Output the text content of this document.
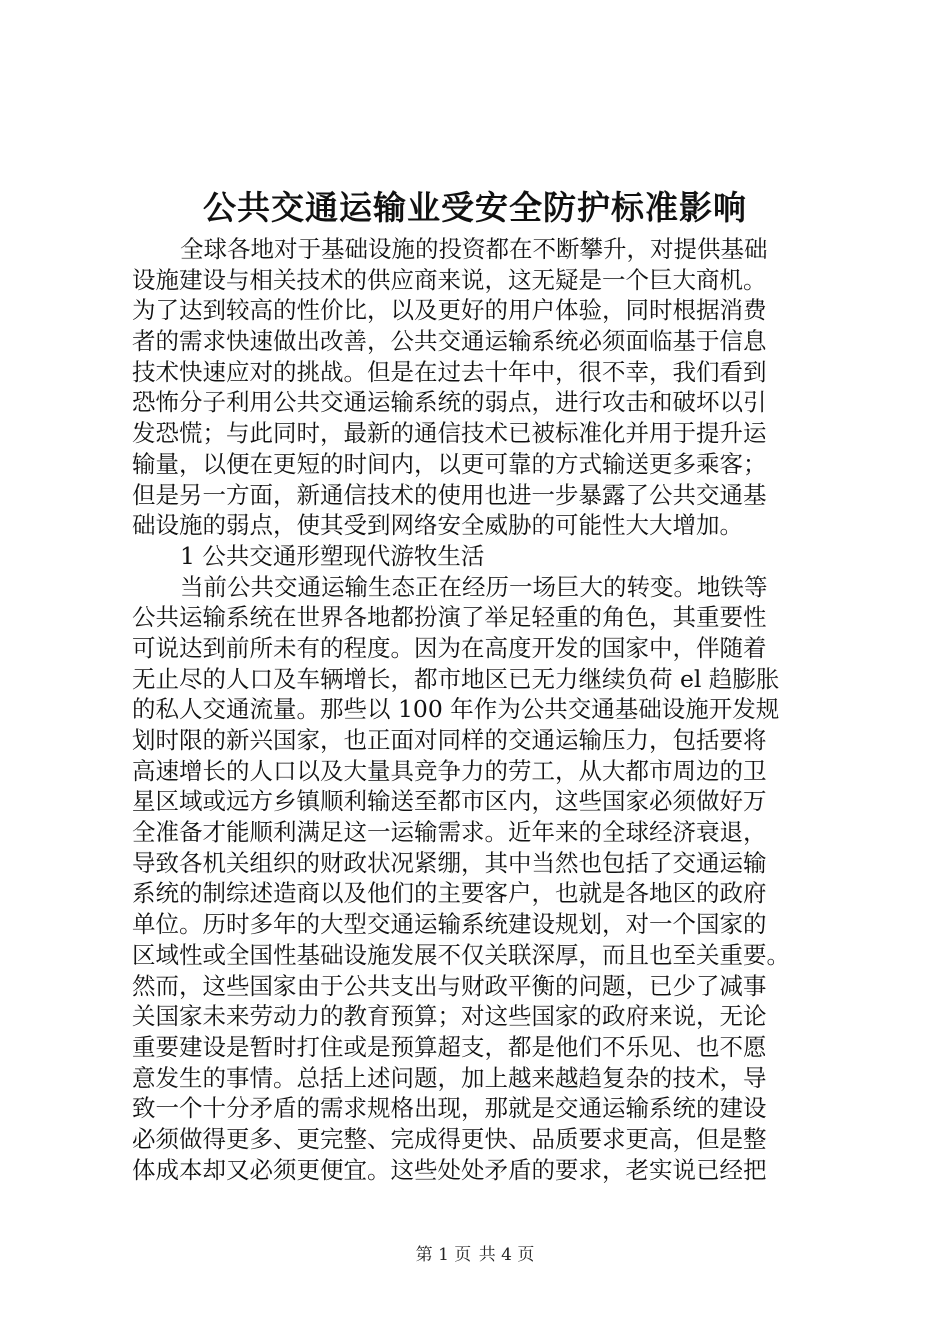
公共交通运输业受安全防护标准影响
全球各地对于基础设施的投资都在不断攀升，对提供基础
设施建设与相关技术的供应商来说，这无疑是一个巨大商机。
为了达到较高的性价比，以及更好的用户体验，同时根据消费
者的需求快速做出改善，公共交通运输系统必须面临基于信息
技术快速应对的挑战。但是在过去十年中，很不幸，我们看到
恐怖分子利用公共交通运输系统的弱点，进行攻击和破坏以引
发恐慌；与此同时，最新的通信技术已被标准化并用于提升运
输量，以便在更短的时间内，以更可靠的方式输送更多乘客；
但是另一方面，新通信技术的使用也进一步暴露了公共交通基
础设施的弱点，使其受到网络安全威胁的可能性大大增加。
1 公共交通形塑现代游牧生活
当前公共交通运输生态正在经历一场巨大的转变。地铁等
公共运输系统在世界各地都扮演了举足轻重的角色，其重要性
可说达到前所未有的程度。因为在高度开发的国家中，伴随着
无止尽的人口及车辆增长，都市地区已无力继续负荷 el 趋膨胀
的私人交通流量。那些以 100 年作为公共交通基础设施开发规
划时限的新兴国家，也正面对同样的交通运输压力，包括要将
高速增长的人口以及大量具竞争力的劳工，从大都市周边的卫
星区域或远方乡镇顺利输送至都市区内，这些国家必须做好万
全准备才能顺利满足这一运输需求。近年来的全球经济衰退，
导致各机关组织的财政状况紧绷，其中当然也包括了交通运输
系统的制综述造商以及他们的主要客户，也就是各地区的政府
单位。历时多年的大型交通运输系统建设规划，对一个国家的
区域性或全国性基础设施发展不仅关联深厚，而且也至关重要。
然而，这些国家由于公共支出与财政平衡的问题，已少了减事
关国家未来劳动力的教育预算；对这些国家的政府来说，无论
重要建设是暂时打住或是预算超支，都是他们不乐见、也不愿
意发生的事情。总括上述问题，加上越来越趋复杂的技术，导
致一个十分矛盾的需求规格出现，那就是交通运输系统的建设
必须做得更多、更完整、完成得更快、品质要求更高，但是整
体成本却又必须更便宜。这些处处矛盾的要求，老实说已经把
第 1 页 共 4 页
